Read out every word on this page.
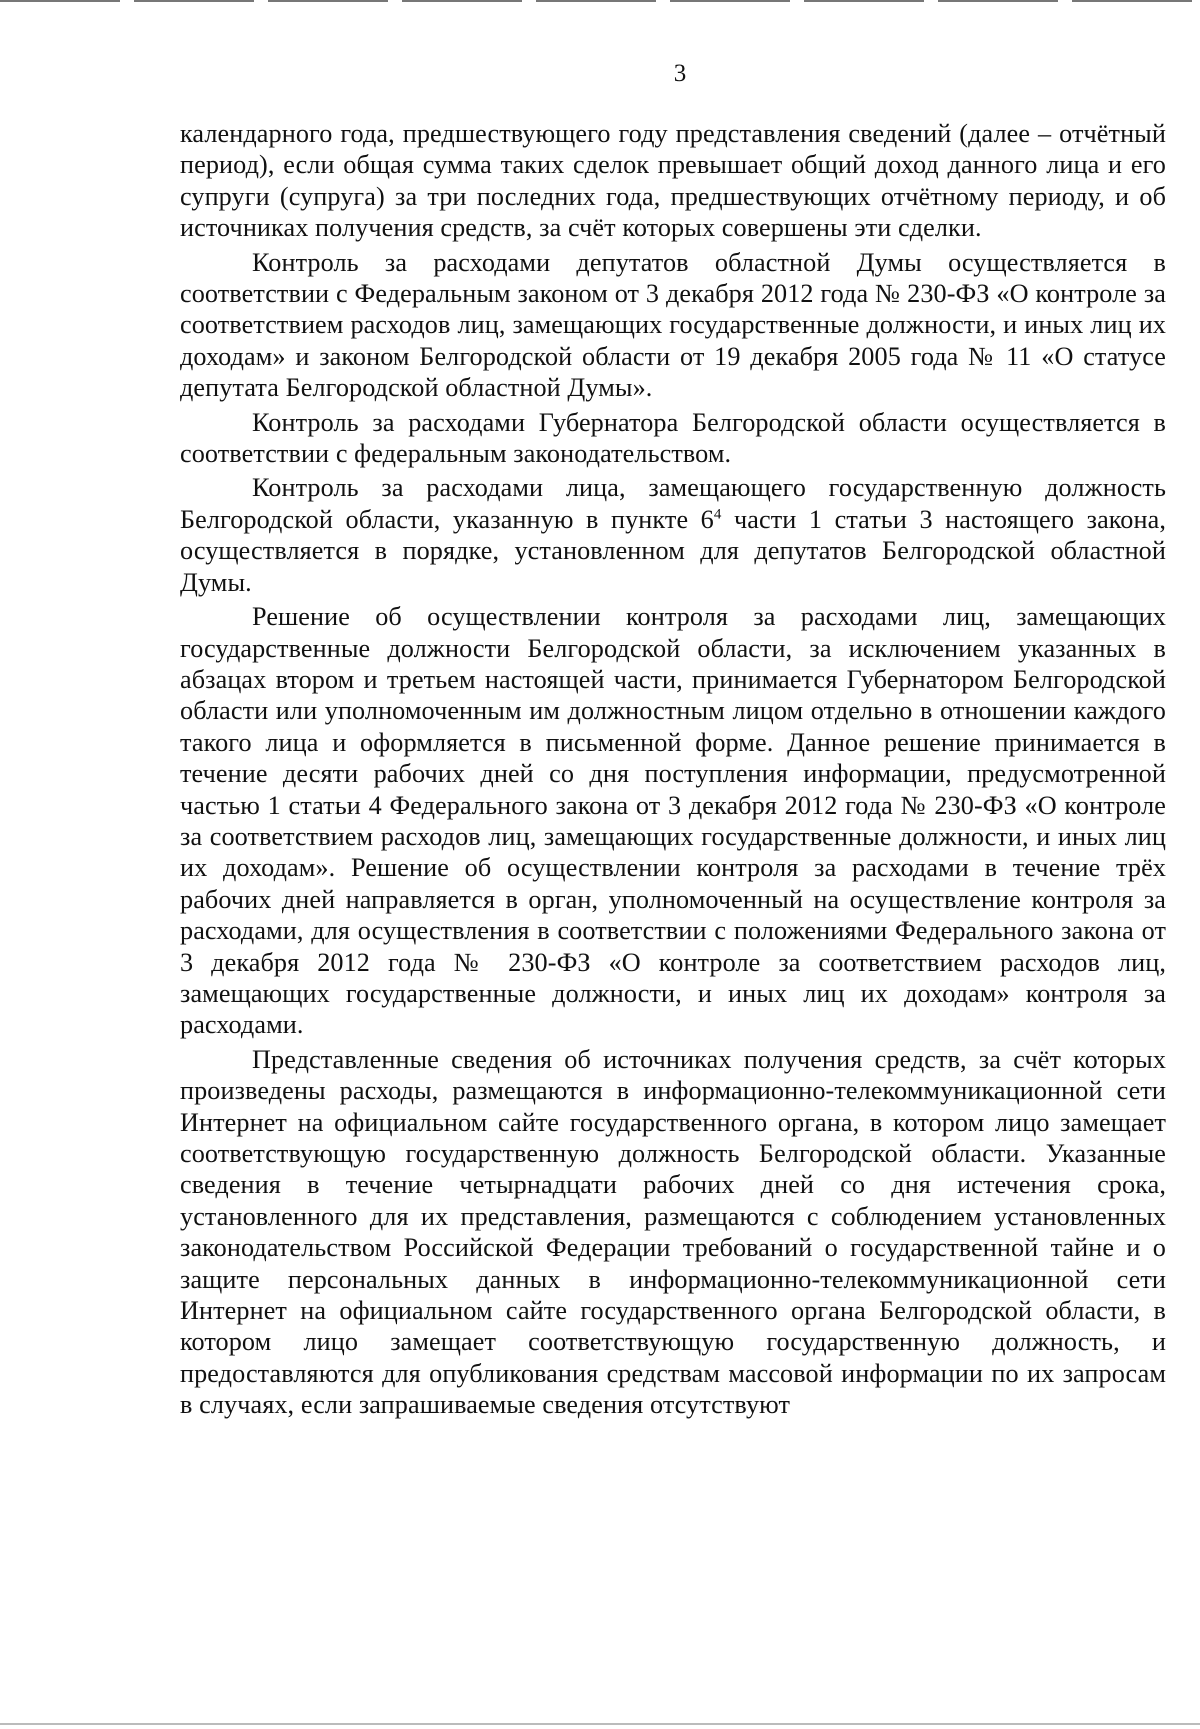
3

календарного года, предшествующего году представления сведений (далее – отчётный период), если общая сумма таких сделок превышает общий доход данного лица и его супруги (супруга) за три последних года, предшествующих отчётному периоду, и об источниках получения средств, за счёт которых совершены эти сделки.

Контроль за расходами депутатов областной Думы осуществляется в соответствии с Федеральным законом от 3 декабря 2012 года № 230-ФЗ «О контроле за соответствием расходов лиц, замещающих государственные должности, и иных лиц их доходам» и законом Белгородской области от 19 декабря 2005 года № 11 «О статусе депутата Белгородской областной Думы».

Контроль за расходами Губернатора Белгородской области осуществляется в соответствии с федеральным законодательством.

Контроль за расходами лица, замещающего государственную должность Белгородской области, указанную в пункте $6^4$ части 1 статьи 3 настоящего закона, осуществляется в порядке, установленном для депутатов Белгородской областной Думы.

Решение об осуществлении контроля за расходами лиц, замещающих государственные должности Белгородской области, за исключением указанных в абзацах втором и третьем настоящей части, принимается Губернатором Белгородской области или уполномоченным им должностным лицом отдельно в отношении каждого такого лица и оформляется в письменной форме. Данное решение принимается в течение десяти рабочих дней со дня поступления информации, предусмотренной частью 1 статьи 4 Федерального закона от 3 декабря 2012 года № 230-ФЗ «О контроле за соответствием расходов лиц, замещающих государственные должности, и иных лиц их доходам». Решение об осуществлении контроля за расходами в течение трёх рабочих дней направляется в орган, уполномоченный на осуществление контроля за расходами, для осуществления в соответствии с положениями Федерального закона от 3 декабря 2012 года № 230-ФЗ «О контроле за соответствием расходов лиц, замещающих государственные должности, и иных лиц их доходам» контроля за расходами.

Представленные сведения об источниках получения средств, за счёт которых произведены расходы, размещаются в информационно-телекоммуникационной сети Интернет на официальном сайте государственного органа, в котором лицо замещает соответствующую государственную должность Белгородской области. Указанные сведения в течение четырнадцати рабочих дней со дня истечения срока, установленного для их представления, размещаются с соблюдением установленных законодательством Российской Федерации требований о государственной тайне и о защите персональных данных в информационно-телекоммуникационной сети Интернет на официальном сайте государственного органа Белгородской области, в котором лицо замещает соответствующую государственную должность, и предоставляются для опубликования средствам массовой информации по их запросам в случаях, если запрашиваемые сведения отсутствуют
